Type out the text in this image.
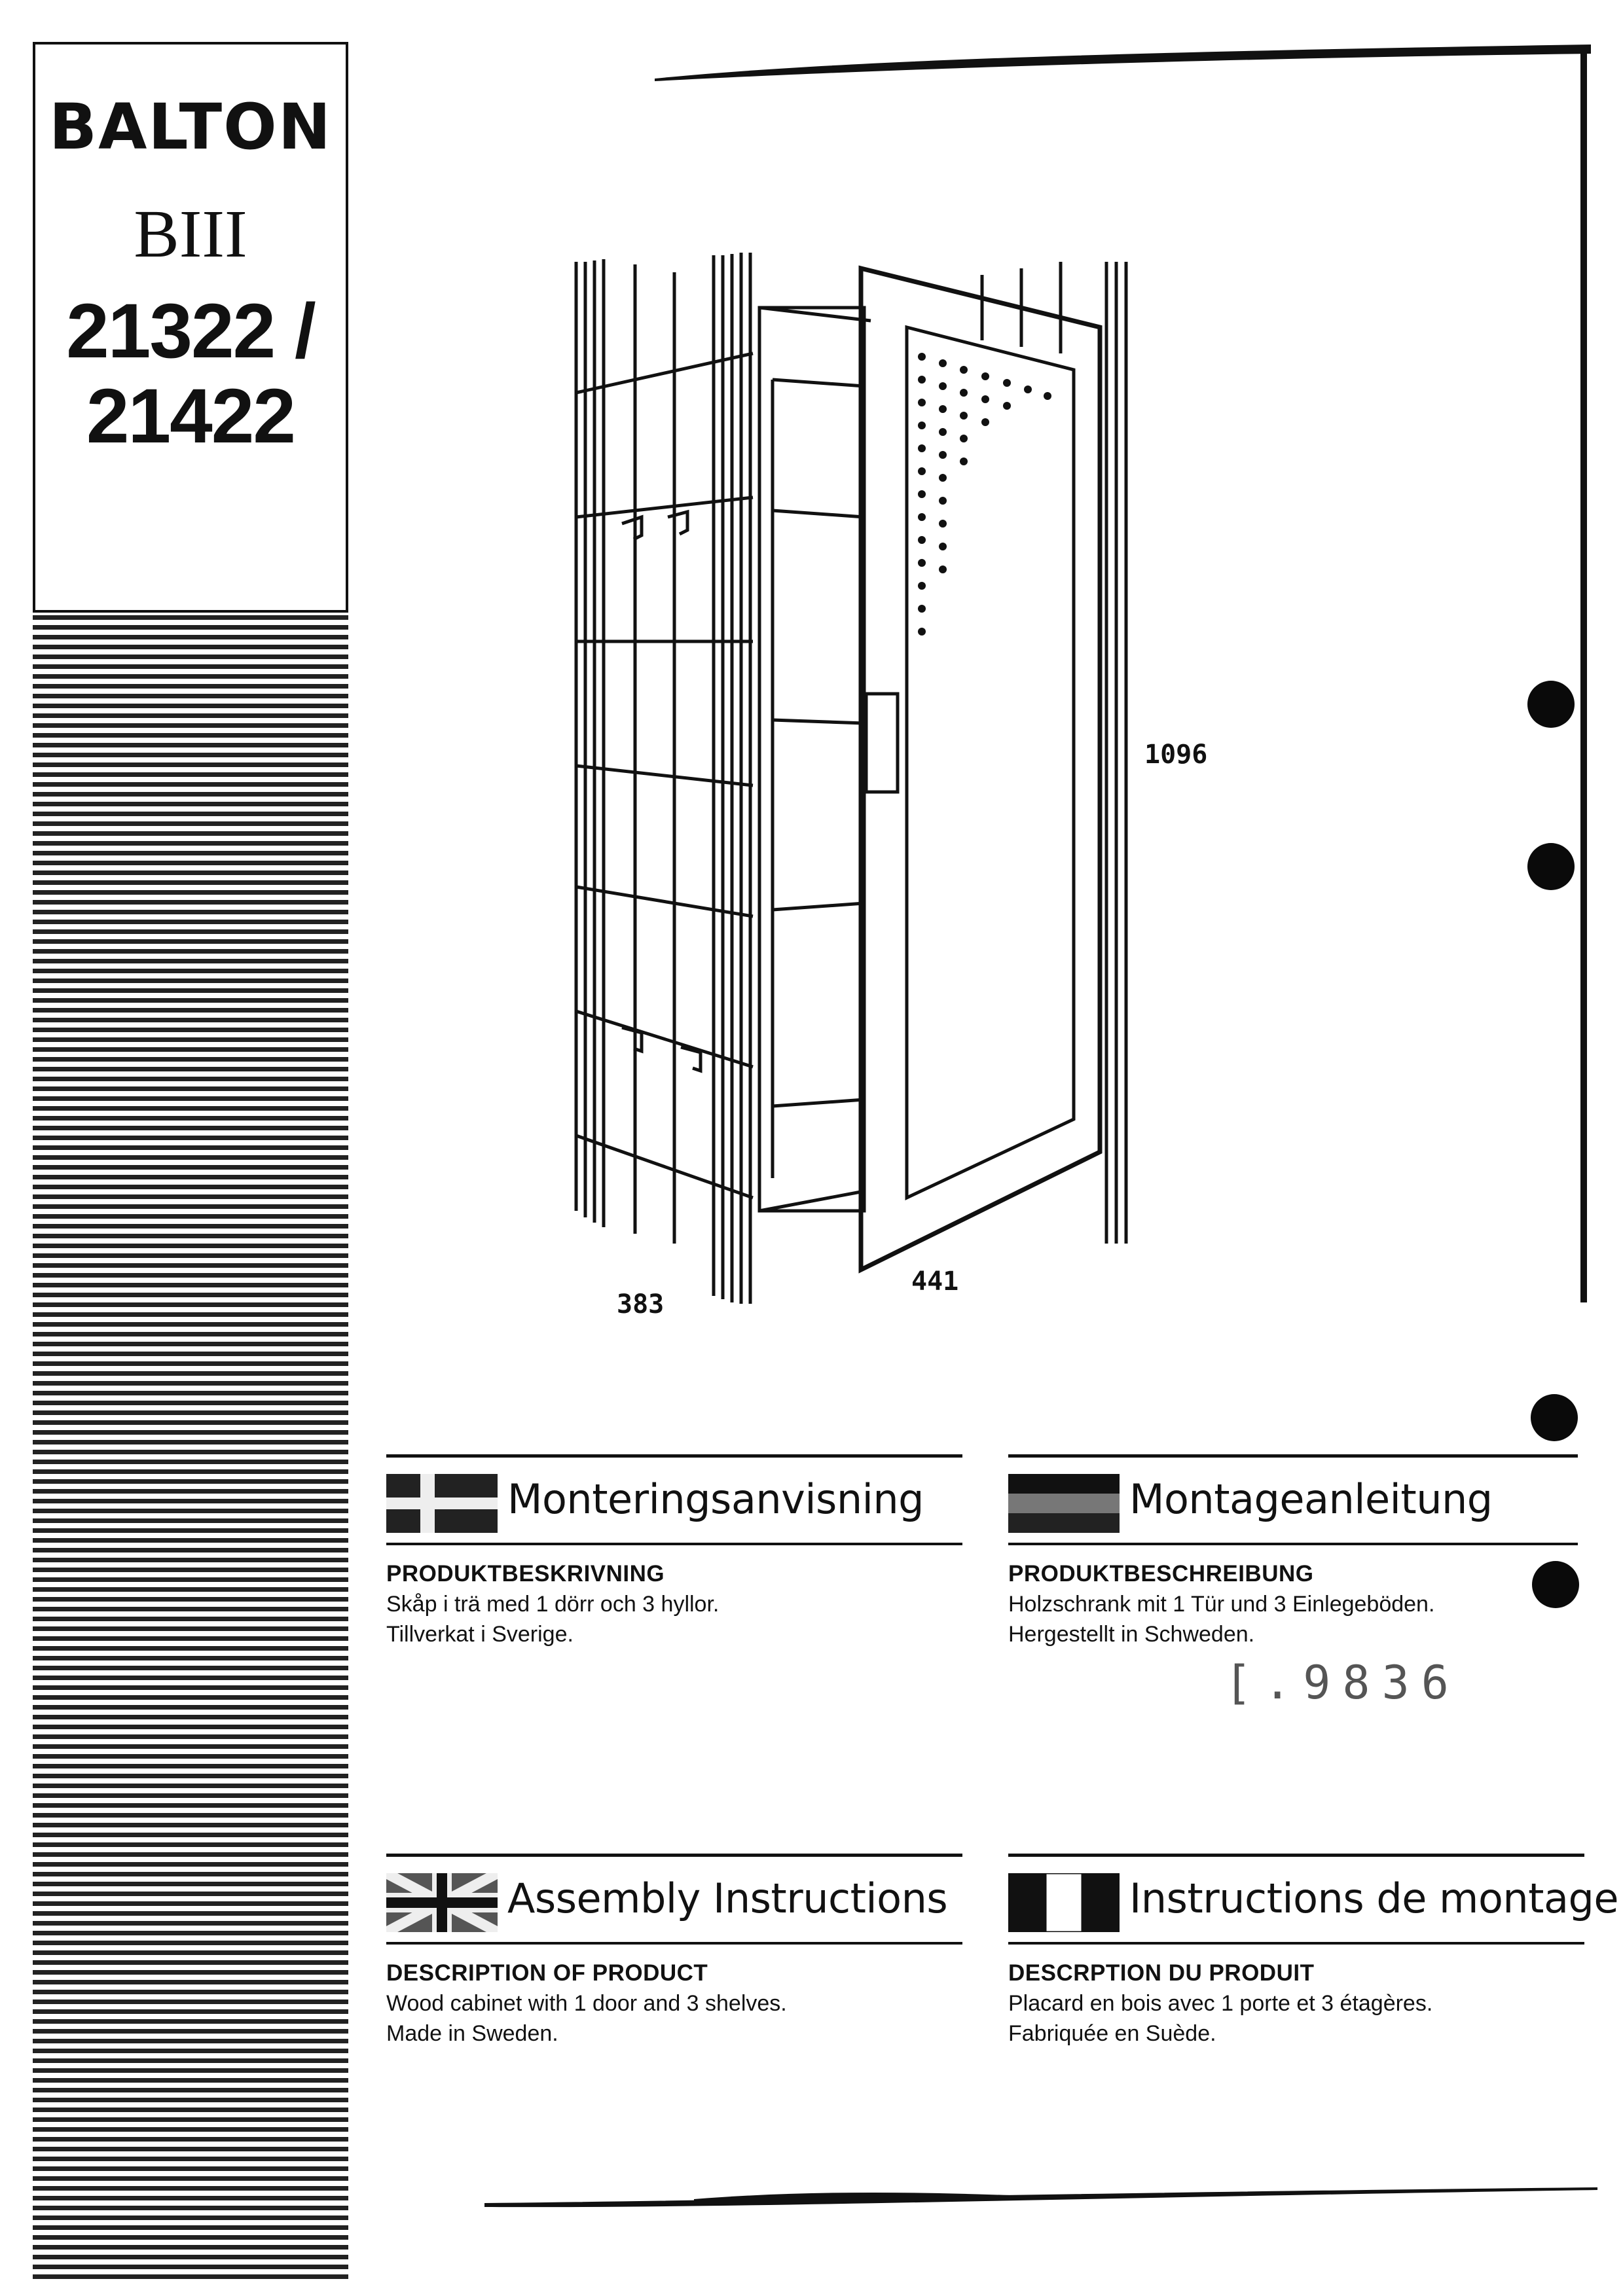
BALTON
BIII
21322 /
21422
1096
383
441
Monteringsanvisning
PRODUKTBESKRIVNING
Skåp i trä med 1 dörr och 3 hyllor.
Tillverkat i Sverige.
Montageanleitung
PRODUKTBESCHREIBUNG
Holzschrank mit 1 Tür und 3 Einlegeböden.
Hergestellt in Schweden.
[.9836
Assembly Instructions
DESCRIPTION OF PRODUCT
Wood cabinet with 1 door and 3 shelves.
Made in Sweden.
Instructions de montage
DESCRPTION DU PRODUIT
Placard en bois avec 1 porte et 3 étagères.
Fabriquée en Suède.
